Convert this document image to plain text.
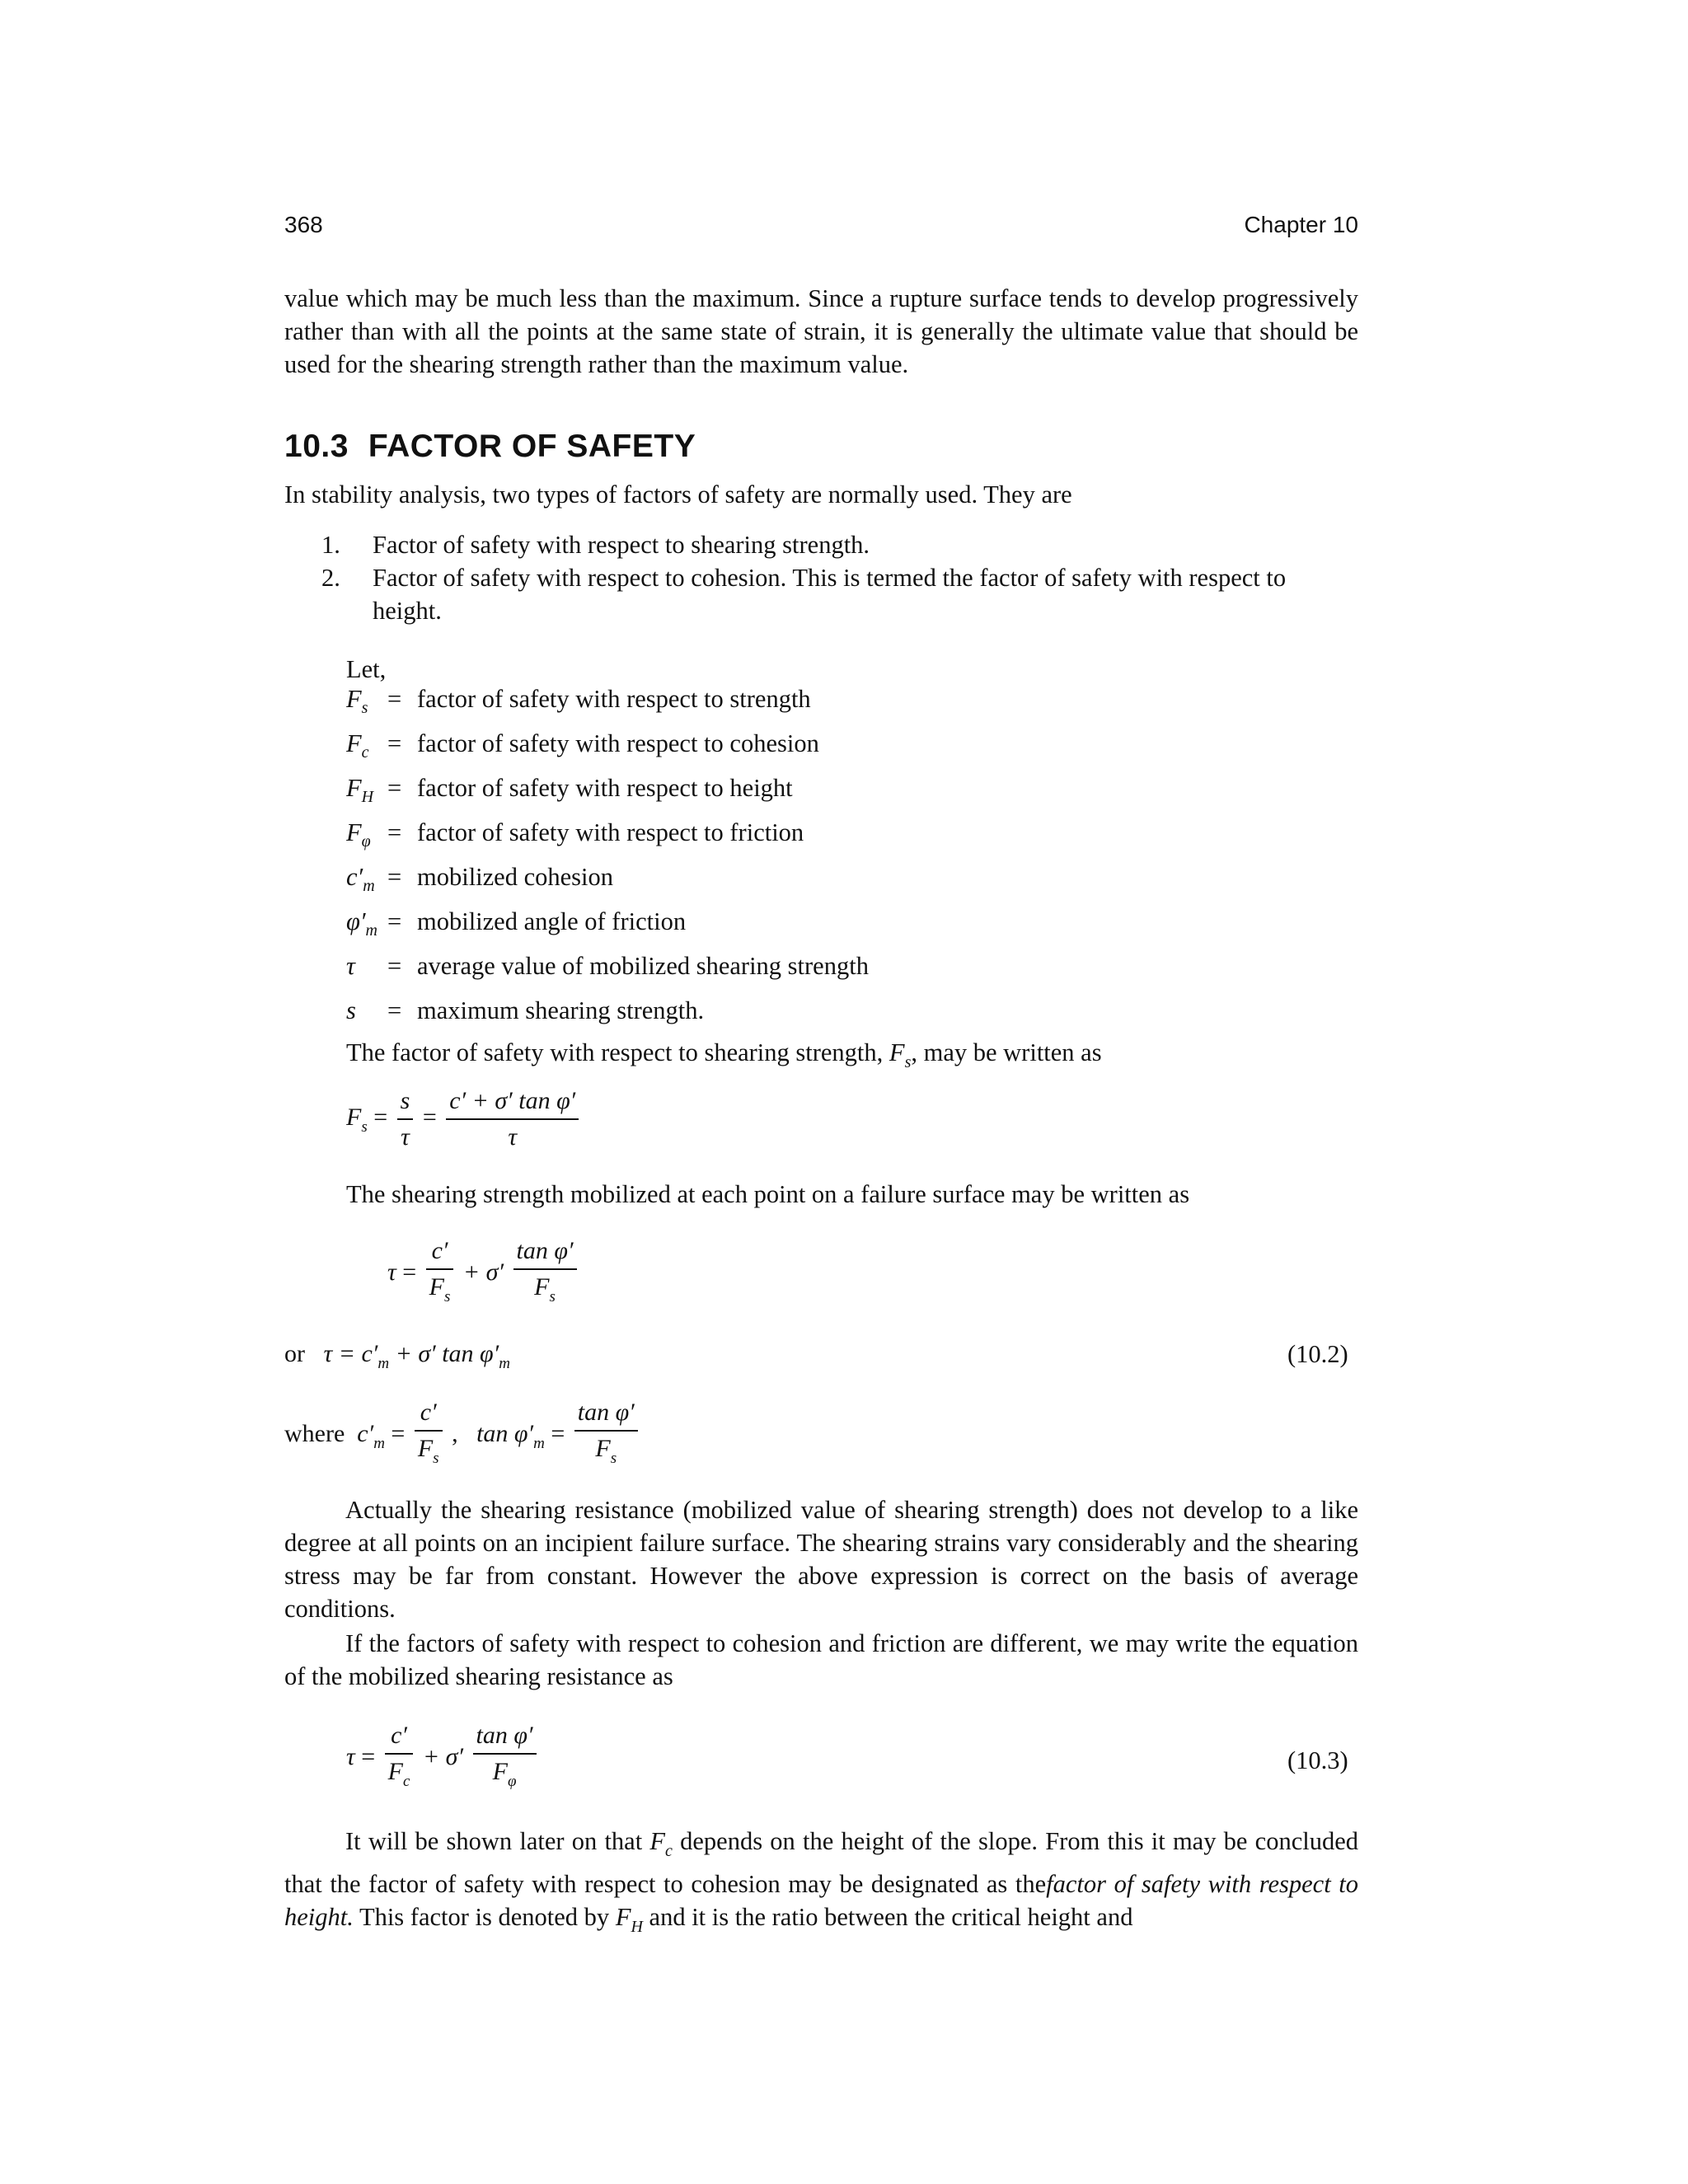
368	Chapter 10
value which may be much less than the maximum. Since a rupture surface tends to develop progressively rather than with all the points at the same state of strain, it is generally the ultimate value that should be used for the shearing strength rather than the maximum value.
10.3 FACTOR OF SAFETY
In stability analysis, two types of factors of safety are normally used. They are
1. Factor of safety with respect to shearing strength.
2. Factor of safety with respect to cohesion. This is termed the factor of safety with respect to height.
Let,
$F_s$ = factor of safety with respect to strength
$F_c$ = factor of safety with respect to cohesion
$F_H$ = factor of safety with respect to height
$F_\varphi$ = factor of safety with respect to friction
$c'_m$ = mobilized cohesion
$\varphi'_m$ = mobilized angle of friction
τ	= average value of mobilized shearing strength
s	= maximum shearing strength.
The factor of safety with respect to shearing strength, $F_s$, may be written as
$F_s = \frac{s}{\tau} = \frac{\text{c′ + σ′ tan φ′}}{\tau}$
The shearing strength mobilized at each point on a failure surface may be written as
$\tau = \frac{c'}{F_s} + \sigma' \frac{\text{tan φ′}}{F_s}$
or $\tau = c'_m + \sigma'$ $\tan \varphi'_m$	(10.2)
where $c'_m = \frac{c'}{F_s}$ ,   $\tan \varphi'_m = \frac{\text{tan φ′}}{F_s}$
Actually the shearing resistance (mobilized value of shearing strength) does not develop to a like degree at all points on an incipient failure surface. The shearing strains vary considerably and the shearing stress may be far from constant. However the above expression is correct on the basis of average conditions.
If the factors of safety with respect to cohesion and friction are different, we may write the equation of the mobilized shearing resistance as
$\tau = \frac{c'}{F_c} + \sigma' \frac{\text{tan φ′}}{F_\varphi}$	(10.3)
It will be shown later on that $F_c$ depends on the height of the slope. From this it may be concluded that the factor of safety with respect to cohesion may be designated as thefactor of safety with respect to height. This factor is denoted by $F_H$ and it is the ratio between the critical height and
